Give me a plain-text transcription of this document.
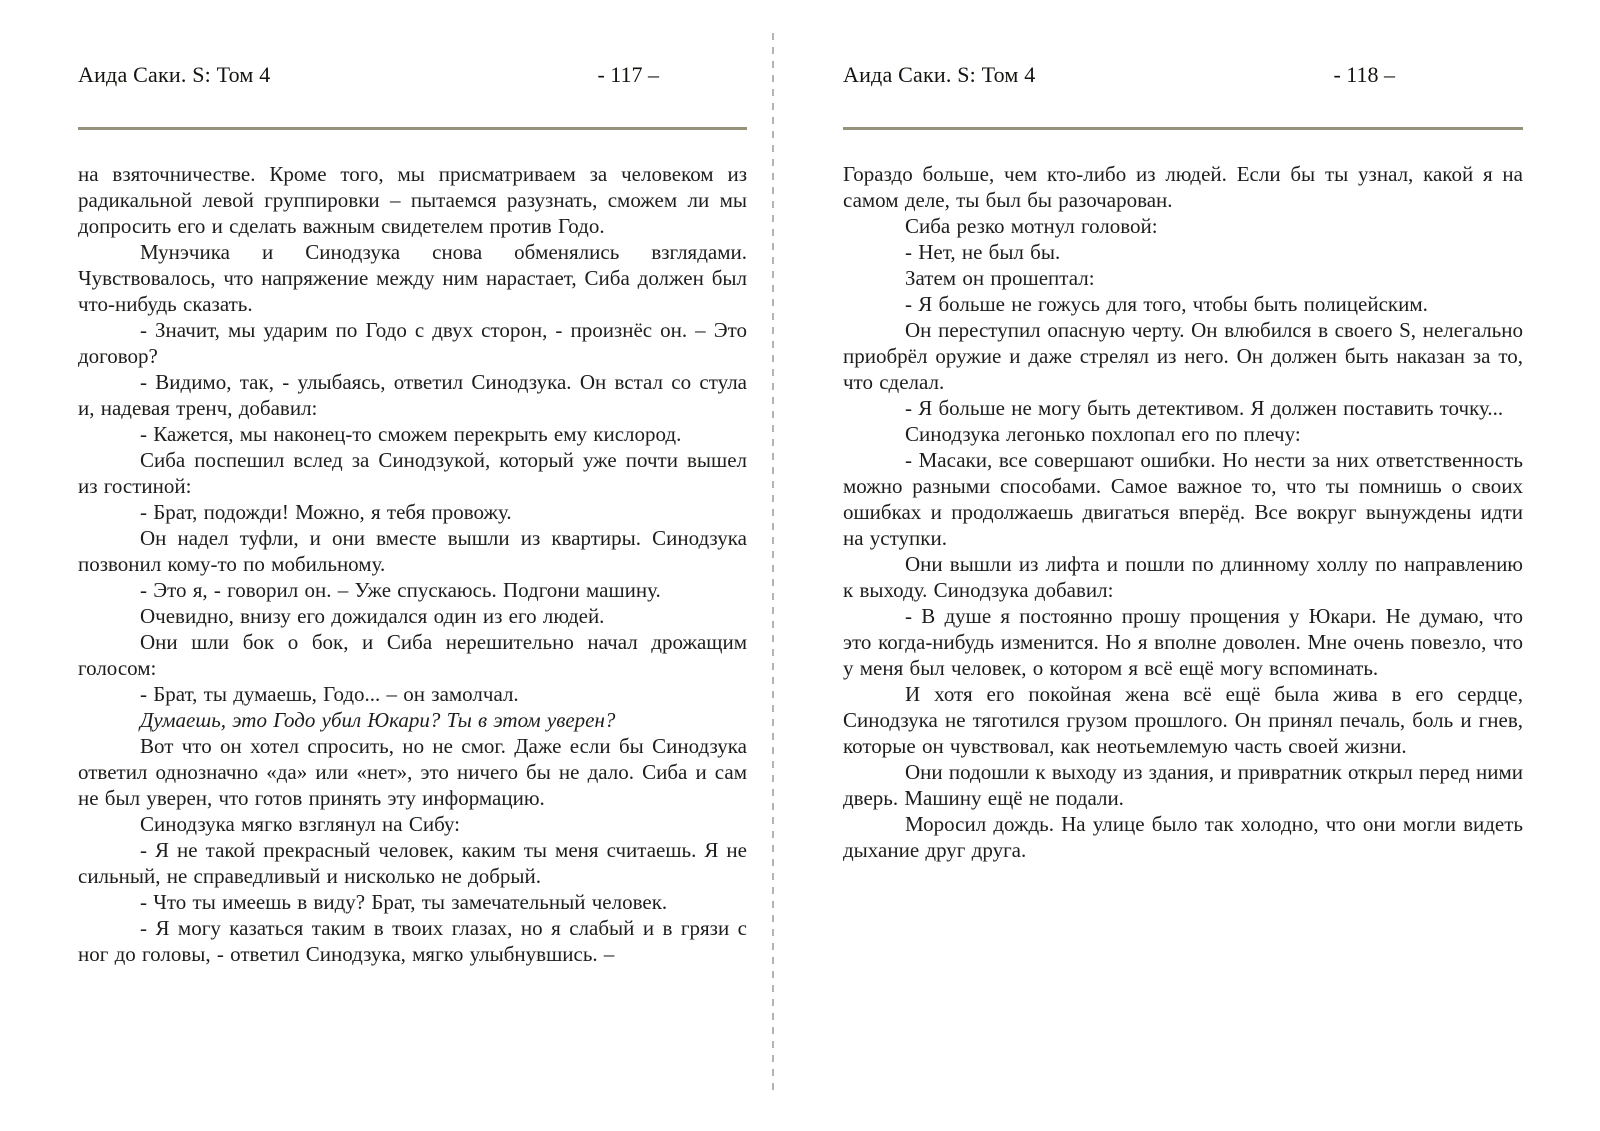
Аида Саки. S: Том 4	- 117 –

на взяточничестве. Кроме того, мы присматриваем за человеком из радикальной левой группировки – пытаемся разузнать, сможем ли мы допросить его и сделать важным свидетелем против Годо.

Мунэчика и Синодзука снова обменялись взглядами. Чувствовалось, что напряжение между ним нарастает, Сиба должен был что-нибудь сказать.

- Значит, мы ударим по Годо с двух сторон, - произнёс он. – Это договор?

- Видимо, так, - улыбаясь, ответил Синодзука. Он встал со стула и, надевая тренч, добавил:

- Кажется, мы наконец-то сможем перекрыть ему кислород.

Сиба поспешил вслед за Синодзукой, который уже почти вышел из гостиной:

- Брат, подожди! Можно, я тебя провожу.

Он надел туфли, и они вместе вышли из квартиры. Синодзука позвонил кому-то по мобильному.

- Это я, - говорил он. – Уже спускаюсь. Подгони машину.

Очевидно, внизу его дожидался один из его людей.

Они шли бок о бок, и Сиба нерешительно начал дрожащим голосом:

- Брат, ты думаешь, Годо... – он замолчал.

Думаешь, это Годо убил Юкари? Ты в этом уверен?

Вот что он хотел спросить, но не смог. Даже если бы Синодзука ответил однозначно «да» или «нет», это ничего бы не дало. Сиба и сам не был уверен, что готов принять эту информацию.

Синодзука мягко взглянул на Сибу:

- Я не такой прекрасный человек, каким ты меня считаешь. Я не сильный, не справедливый и нисколько не добрый.

- Что ты имеешь в виду? Брат, ты замечательный человек.

- Я могу казаться таким в твоих глазах, но я слабый и в грязи с ног до головы, - ответил Синодзука, мягко улыбнувшись. –

Аида Саки. S: Том 4	- 118 –

Гораздо больше, чем кто-либо из людей. Если бы ты узнал, какой я на самом деле, ты был бы разочарован.

Сиба резко мотнул головой:

- Нет, не был бы.

Затем он прошептал:

- Я больше не гожусь для того, чтобы быть полицейским.

Он переступил опасную черту. Он влюбился в своего S, нелегально приобрёл оружие и даже стрелял из него. Он должен быть наказан за то, что сделал.

- Я больше не могу быть детективом. Я должен поставить точку...

Синодзука легонько похлопал его по плечу:

- Масаки, все совершают ошибки. Но нести за них ответственность можно разными способами. Самое важное то, что ты помнишь о своих ошибках и продолжаешь двигаться вперёд. Все вокруг вынуждены идти на уступки.

Они вышли из лифта и пошли по длинному холлу по направлению к выходу. Синодзука добавил:

- В душе я постоянно прошу прощения у Юкари. Не думаю, что это когда-нибудь изменится. Но я вполне доволен. Мне очень повезло, что у меня был человек, о котором я всё ещё могу вспоминать.

И хотя его покойная жена всё ещё была жива в его сердце, Синодзука не тяготился грузом прошлого. Он принял печаль, боль и гнев, которые он чувствовал, как неотьемлемую часть своей жизни.

Они подошли к выходу из здания, и привратник открыл перед ними дверь. Машину ещё не подали.

Моросил дождь. На улице было так холодно, что они могли видеть дыхание друг друга.
